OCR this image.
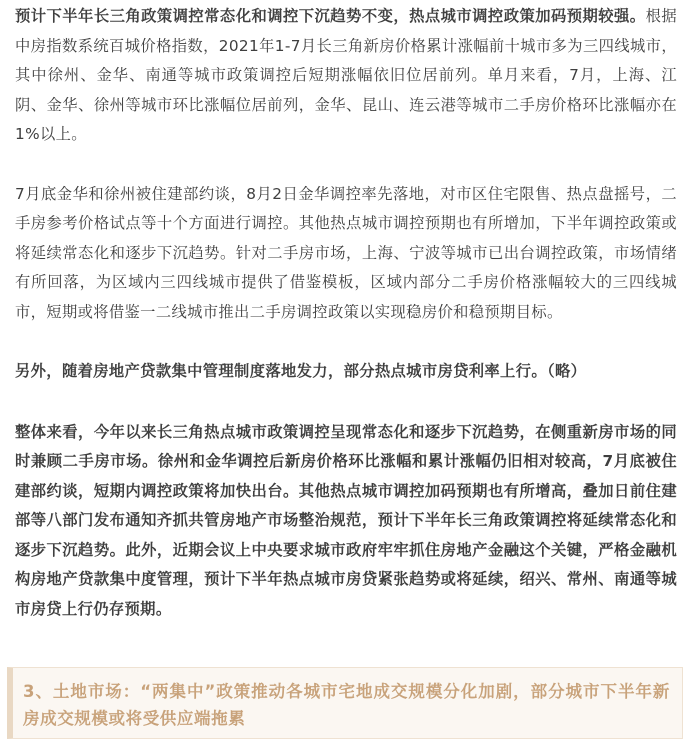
预计下半年长三角政策调控常态化和调控下沉趋势不变，热点城市调控政策加码预期较强。根据中房指数系统百城价格指数，2021年1-7月长三角新房价格累计涨幅前十城市多为三四线城市，其中徐州、金华、南通等城市政策调控后短期涨幅依旧位居前列。单月来看，7月，上海、江阴、金华、徐州等城市环比涨幅位居前列，金华、昆山、连云港等城市二手房价格环比涨幅亦在1%以上。

7月底金华和徐州被住建部约谈，8月2日金华调控率先落地，对市区住宅限售、热点盘摇号，二手房参考价格试点等十个方面进行调控。其他热点城市调控预期也有所增加，下半年调控政策或将延续常态化和逐步下沉趋势。针对二手房市场，上海、宁波等城市已出台调控政策，市场情绪有所回落，为区域内三四线城市提供了借鉴模板，区域内部分二手房价格涨幅较大的三四线城市，短期或将借鉴一二线城市推出二手房调控政策以实现稳房价和稳预期目标。

另外，随着房地产贷款集中管理制度落地发力，部分热点城市房贷利率上行。（略）

整体来看，今年以来长三角热点城市政策调控呈现常态化和逐步下沉趋势，在侧重新房市场的同时兼顾二手房市场。徐州和金华调控后新房价格环比涨幅和累计涨幅仍旧相对较高，7月底被住建部约谈，短期内调控政策将加快出台。其他热点城市调控加码预期也有所增高，叠加日前住建部等八部门发布通知齐抓共管房地产市场整治规范，预计下半年长三角政策调控将延续常态化和逐步下沉趋势。此外，近期会议上中央要求城市政府牢牢抓住房地产金融这个关键，严格金融机构房地产贷款集中度管理，预计下半年热点城市房贷紧张趋势或将延续，绍兴、常州、南通等城市房贷上行仍存预期。

3、土地市场：“两集中”政策推动各城市宅地成交规模分化加剧，部分城市下半年新房成交规模或将受供应端拖累
